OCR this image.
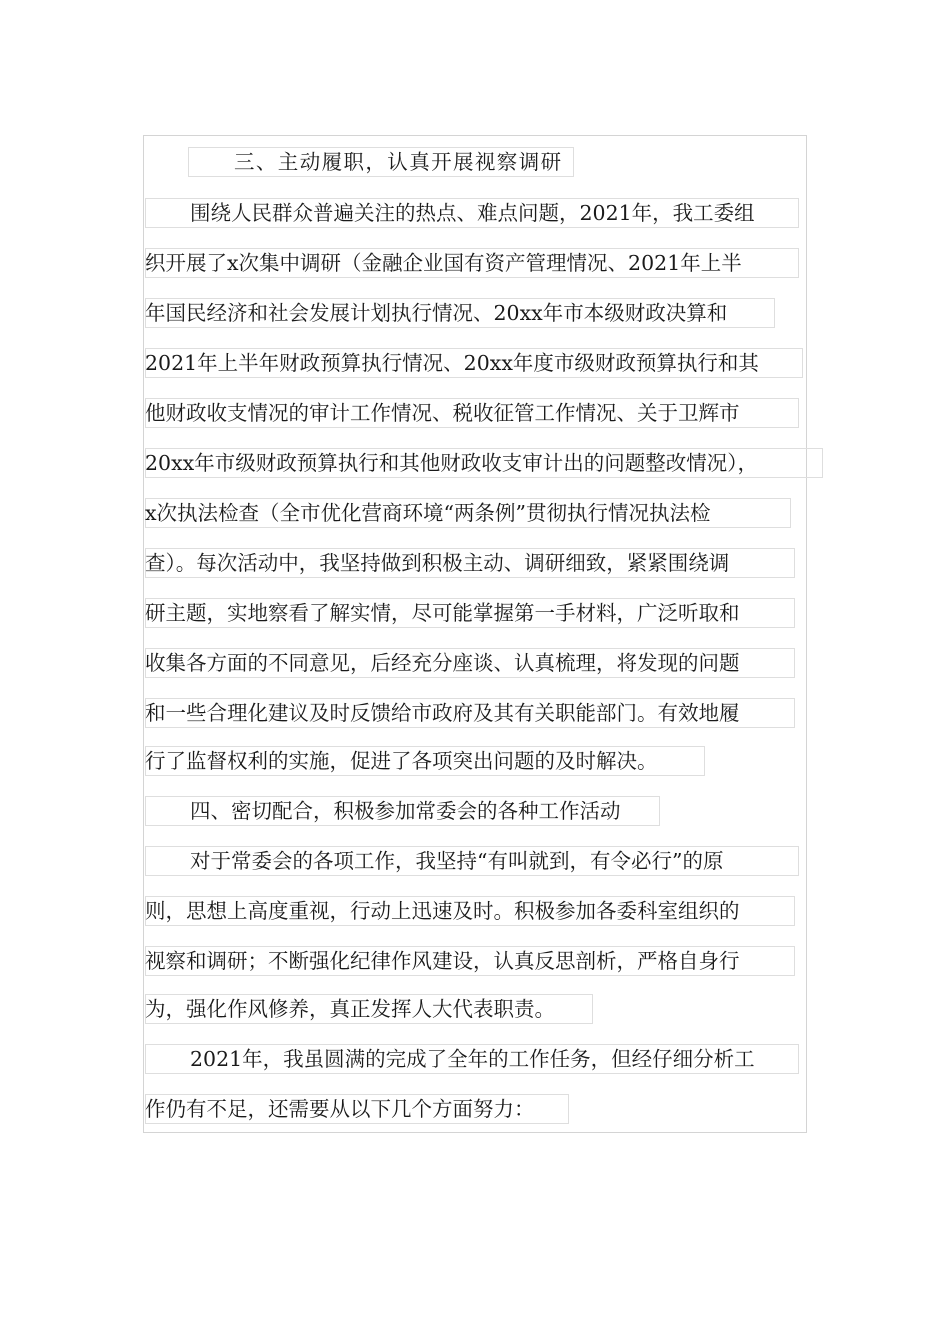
三、主动履职，认真开展视察调研
围绕人民群众普遍关注的热点、难点问题，2021年，我工委组
织开展了x次集中调研（金融企业国有资产管理情况、2021年上半
年国民经济和社会发展计划执行情况、20xx年市本级财政决算和
2021年上半年财政预算执行情况、20xx年度市级财政预算执行和其
他财政收支情况的审计工作情况、税收征管工作情况、关于卫辉市
20xx年市级财政预算执行和其他财政收支审计出的问题整改情况），
x次执法检查（全市优化营商环境“两条例”贯彻执行情况执法检
查）。每次活动中，我坚持做到积极主动、调研细致，紧紧围绕调
研主题，实地察看了解实情，尽可能掌握第一手材料，广泛听取和
收集各方面的不同意见，后经充分座谈、认真梳理，将发现的问题
和一些合理化建议及时反馈给市政府及其有关职能部门。有效地履
行了监督权利的实施，促进了各项突出问题的及时解决。
四、密切配合，积极参加常委会的各种工作活动
对于常委会的各项工作，我坚持“有叫就到，有令必行”的原
则，思想上高度重视，行动上迅速及时。积极参加各委科室组织的
视察和调研；不断强化纪律作风建设，认真反思剖析，严格自身行
为，强化作风修养，真正发挥人大代表职责。
2021年，我虽圆满的完成了全年的工作任务，但经仔细分析工
作仍有不足，还需要从以下几个方面努力：
